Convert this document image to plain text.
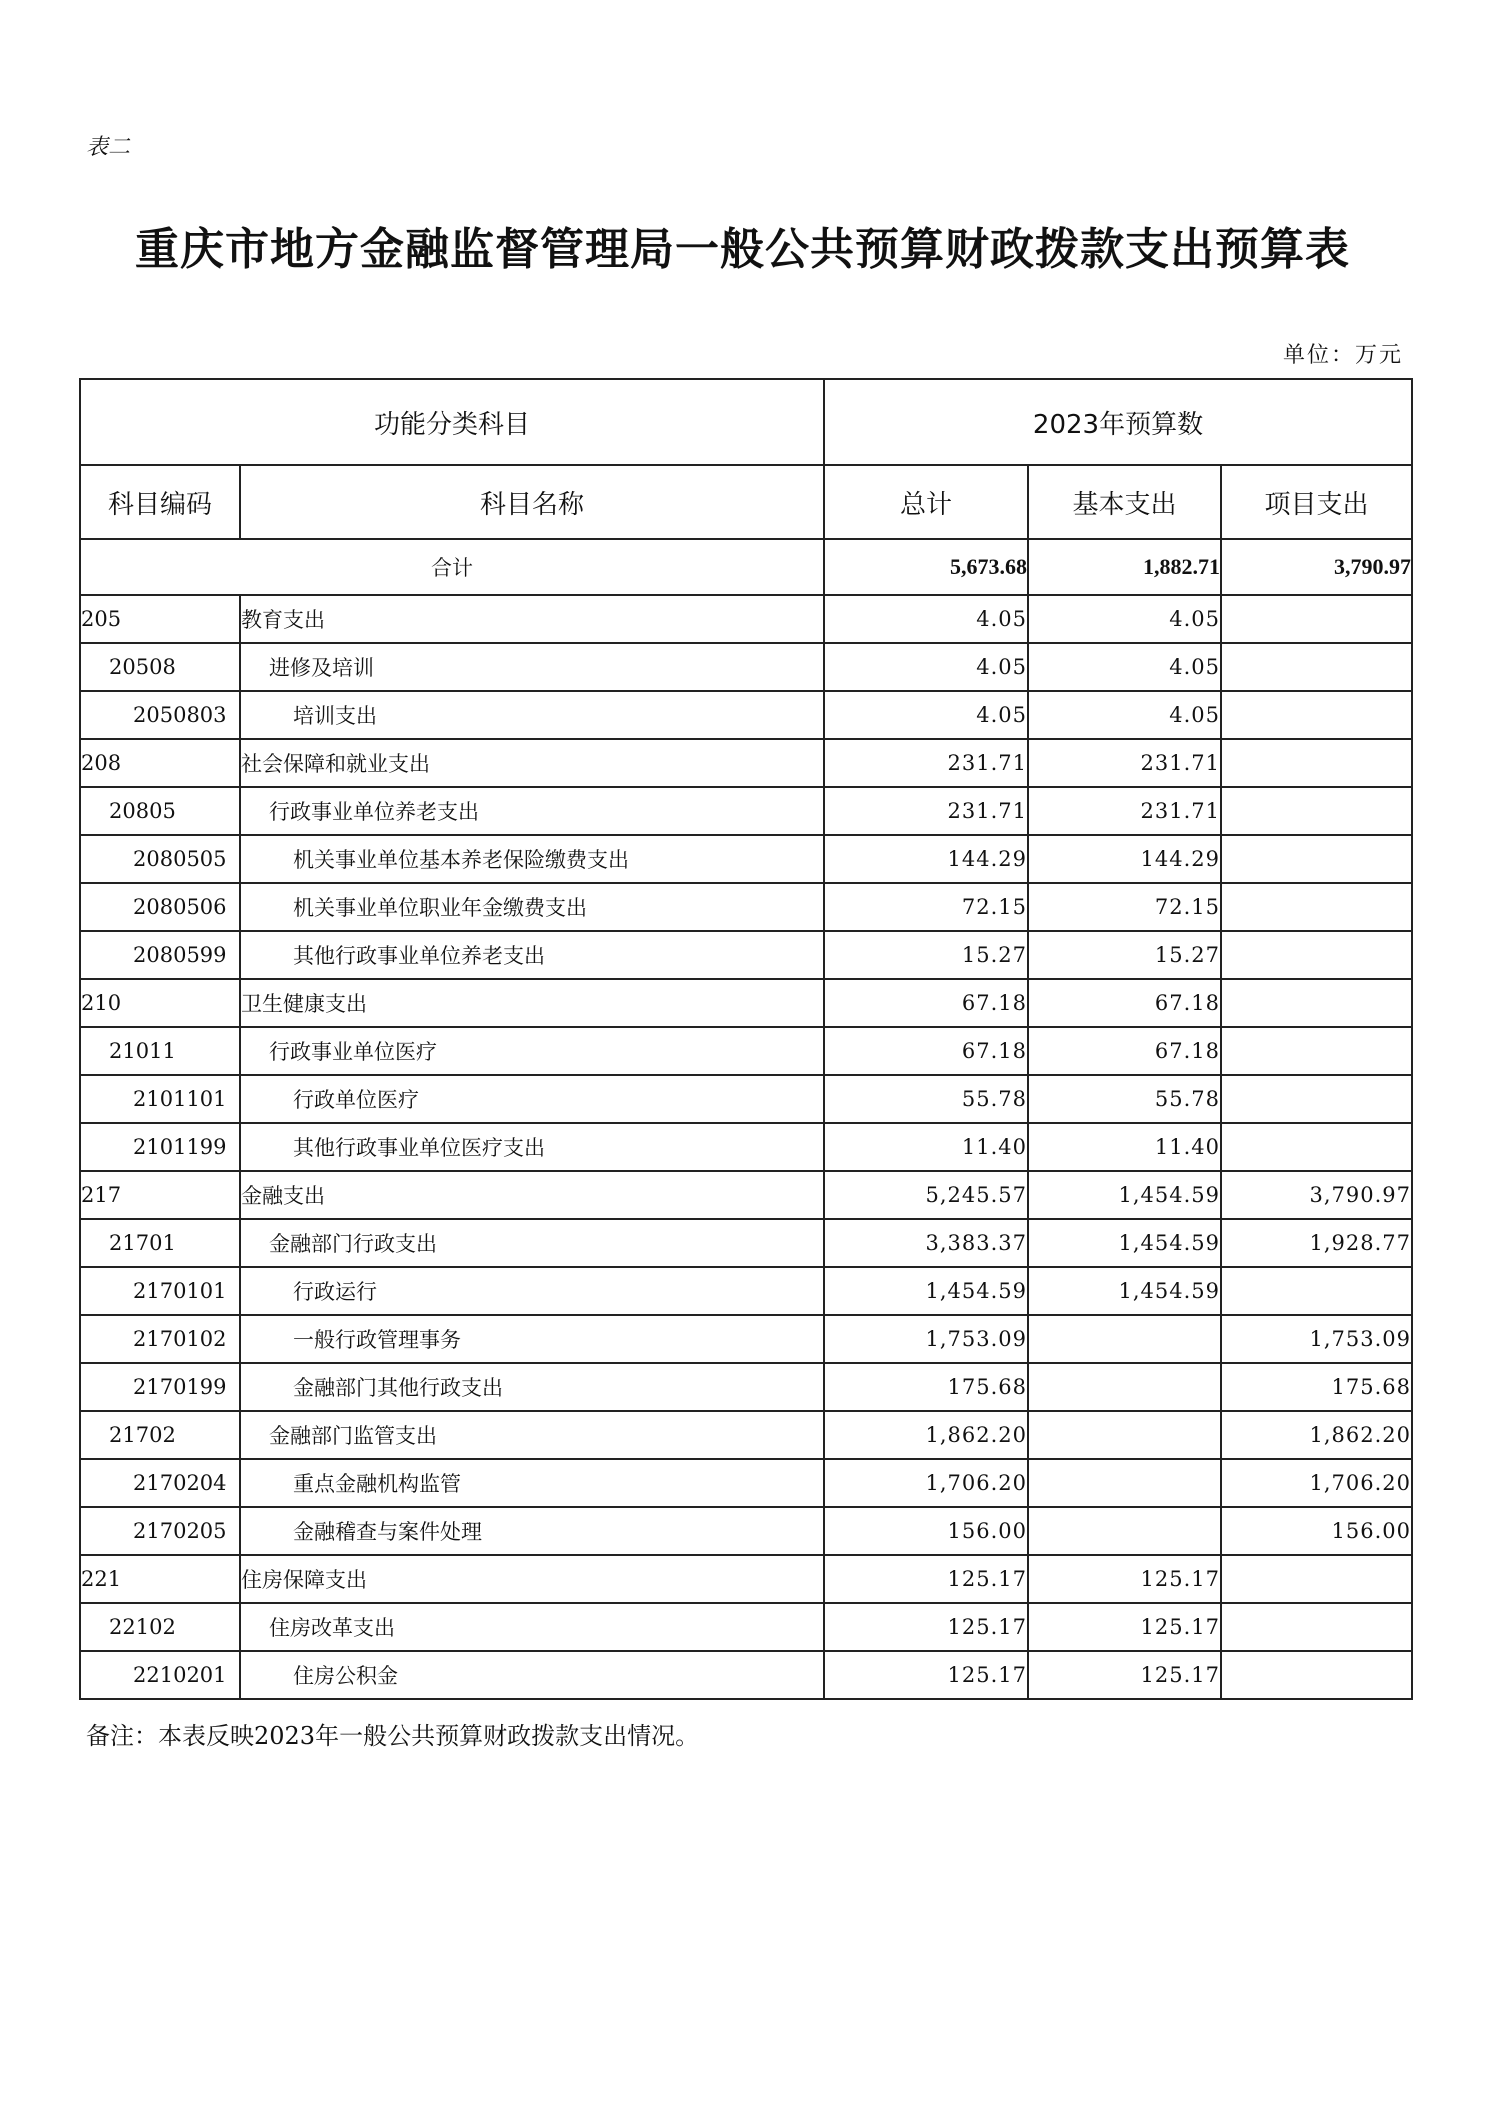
表二
重庆市地方金融监督管理局一般公共预算财政拨款支出预算表
单位：万元
功能分类科目		2023年预算数		
科目编码	科目名称	总计	基本支出	项目支出
合计		5,673.68	1,882.71	3,790.97
205	教育支出	4.05	4.05	
20508	进修及培训	4.05	4.05	
2050803	培训支出	4.05	4.05	
208	社会保障和就业支出	231.71	231.71	
20805	行政事业单位养老支出	231.71	231.71	
2080505	机关事业单位基本养老保险缴费支出	144.29	144.29	
2080506	机关事业单位职业年金缴费支出	72.15	72.15	
2080599	其他行政事业单位养老支出	15.27	15.27	
210	卫生健康支出	67.18	67.18	
21011	行政事业单位医疗	67.18	67.18	
2101101	行政单位医疗	55.78	55.78	
2101199	其他行政事业单位医疗支出	11.40	11.40	
217	金融支出	5,245.57	1,454.59	3,790.97
21701	金融部门行政支出	3,383.37	1,454.59	1,928.77
2170101	行政运行	1,454.59	1,454.59	
2170102	一般行政管理事务	1,753.09		1,753.09
2170199	金融部门其他行政支出	175.68		175.68
21702	金融部门监管支出	1,862.20		1,862.20
2170204	重点金融机构监管	1,706.20		1,706.20
2170205	金融稽查与案件处理	156.00		156.00
221	住房保障支出	125.17	125.17	
22102	住房改革支出	125.17	125.17	
2210201	住房公积金	125.17	125.17	
备注：本表反映2023年一般公共预算财政拨款支出情况。
